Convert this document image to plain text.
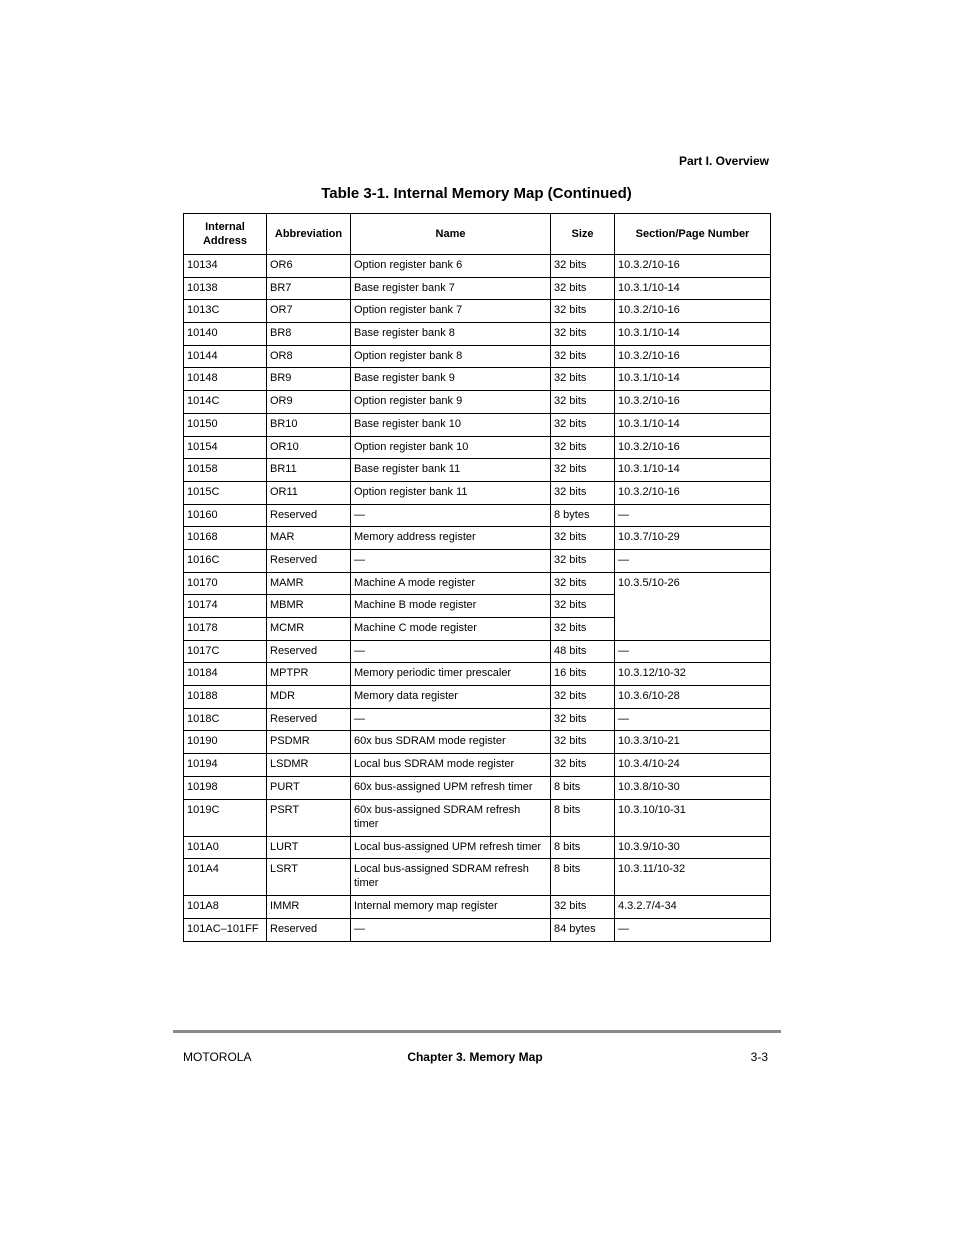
Part I. Overview
Table 3-1. Internal Memory Map (Continued)
Internal Address	Abbreviation	Name	Size	Section/Page Number
10134	OR6	Option register bank 6	32 bits	10.3.2/10-16
10138	BR7	Base register bank 7	32 bits	10.3.1/10-14
1013C	OR7	Option register bank 7	32 bits	10.3.2/10-16
10140	BR8	Base register bank 8	32 bits	10.3.1/10-14
10144	OR8	Option register bank 8	32 bits	10.3.2/10-16
10148	BR9	Base register bank 9	32 bits	10.3.1/10-14
1014C	OR9	Option register bank 9	32 bits	10.3.2/10-16
10150	BR10	Base register bank 10	32 bits	10.3.1/10-14
10154	OR10	Option register bank 10	32 bits	10.3.2/10-16
10158	BR11	Base register bank 11	32 bits	10.3.1/10-14
1015C	OR11	Option register bank 11	32 bits	10.3.2/10-16
10160	Reserved	—	8 bytes	—
10168	MAR	Memory address register	32 bits	10.3.7/10-29
1016C	Reserved	—	32 bits	—
10170	MAMR	Machine A mode register	32 bits	10.3.5/10-26
10174	MBMR	Machine B mode register	32 bits	
10178	MCMR	Machine C mode register	32 bits	
1017C	Reserved	—	48 bits	—
10184	MPTPR	Memory periodic timer prescaler	16 bits	10.3.12/10-32
10188	MDR	Memory data register	32 bits	10.3.6/10-28
1018C	Reserved	—	32 bits	—
10190	PSDMR	60x bus SDRAM mode register	32 bits	10.3.3/10-21
10194	LSDMR	Local bus SDRAM mode register	32 bits	10.3.4/10-24
10198	PURT	60x bus-assigned UPM refresh timer	8 bits	10.3.8/10-30
1019C	PSRT	60x bus-assigned SDRAM refresh timer	8 bits	10.3.10/10-31
101A0	LURT	Local bus-assigned UPM refresh timer	8 bits	10.3.9/10-30
101A4	LSRT	Local bus-assigned SDRAM refresh timer	8 bits	10.3.11/10-32
101A8	IMMR	Internal memory map register	32 bits	4.3.2.7/4-34
101AC–101FF	Reserved	—	84 bytes	—
MOTOROLA	Chapter 3. Memory Map	3-3
